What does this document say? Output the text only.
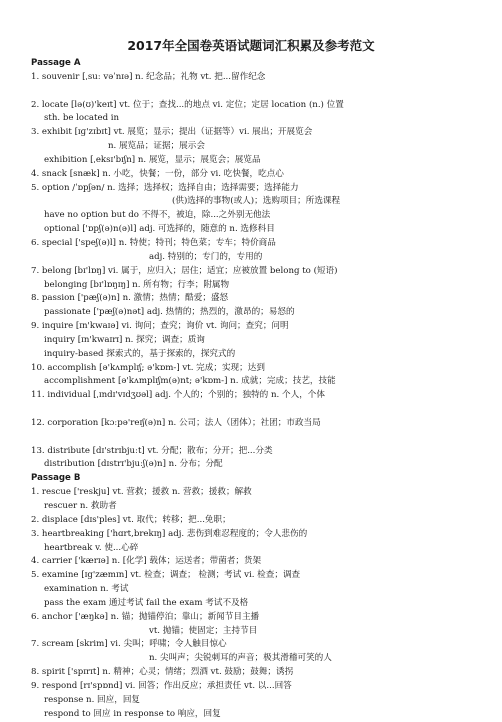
2017年全国卷英语试题词汇积累及参考范文
Passage A
1. souvenir [ˌsuː vəˈnɪə] n. 纪念品；礼物 vt. 把...留作纪念
2. locate [lə(ʊ)'keɪt] vt. 位于；查找...的地点 vi. 定位；定居 location (n.) 位置
sth. be located in
3. exhibit [ɪɡ'zɪbɪt] vt. 展览；显示；提出（证据等）vi. 展出；开展览会
n. 展览品；证据；展示会
exhibition [ˌeksɪ'bɪʃn] n. 展览，显示；展览会；展览品
4. snack [snæk] n. 小吃，快餐；一份，部分 vi. 吃快餐，吃点心
5. option /ˈɒpʃən/ n. 选择；选择权；选择自由；选择需要；选择能力
(供)选择的事物(或人)；选购项目；所选课程
have no option but do 不得不，被迫，除...之外别无他法
optional ['ɒpʃ(ə)n(ə)l] adj. 可选择的，随意的 n. 选修科目
6. special ['speʃ(ə)l] n. 特使；特刊；特色菜；专车；特价商品
adj. 特别的；专门的，专用的
7. belong [bɪ'lɒŋ] vi. 属于，应归入；居住；适宜；应被放置 belong to (短语)
belonging [bɪ'lɒŋɪŋ] n. 所有物；行李；附属物
8. passion ['pæʃ(ə)n] n. 激情；热情；酷爱；盛怒
passionate ['pæʃ(ə)nət] adj. 热情的；热烈的，激昂的；易怒的
9. inquire [ɪn'kwaɪə] vi. 询问；查究；询价 vt. 询问；查究；问明
inquiry [ɪn'kwaɪrɪ] n. 探究；调查；质询
inquiry-based 探索式的，基于探索的，探究式的
10. accomplish [ə'kʌmplɪʃ; ə'kɒm-] vt. 完成；实现；达到
accomplishment [ə'kʌmplɪʃm(ə)nt; ə'kɒm-] n. 成就；完成；技艺，技能
11. individual [ˌɪndɪ'vɪdʒʊəl] adj. 个人的；个别的；独特的 n. 个人，个体
12. corporation [kɔːpə'reɪʃ(ə)n] n. 公司；法人（团体）；社团；市政当局
13. distribute [dɪ'strɪbjuːt] vt. 分配；散布；分开；把...分类
distribution [dɪstrɪ'bjuːʃ(ə)n] n. 分布；分配
Passage B
1. rescue ['reskju] vt. 营救；援救 n. 营救；援救；解救
rescuer n. 救助者
2. displace [dɪs'ples] vt. 取代；转移；把...免职；
3. heartbreaking ['hɑrt,brekɪŋ] adj. 悲伤到难忍程度的；令人悲伤的
heartbreak v. 使...心碎
4. carrier ['kærɪə] n. [化学] 载体；运送者；带菌者；货架
5. examine [ɪg'zæmɪn] vt. 检查；调查； 检测；考试 vi. 检查；调查
examination n. 考试
pass the exam 通过考试 fail the exam 考试不及格
6. anchor ['æŋkə] n. 锚；抛锚停泊；靠山；新闻节目主播
vt. 抛锚；使固定；主持节目
7. scream [skrim] vi. 尖叫；呼啸；令人触目惊心
n. 尖叫声；尖锐刺耳的声音；极其滑稽可笑的人
8. spirit ['spɪrɪt] n. 精神；心灵；情绪；烈酒 vt. 鼓励；鼓舞；诱拐
9. respond [rɪ'spɒnd] vi. 回答；作出反应；承担责任 vt. 以...回答
response n. 回应，回复
respond to 回应 in response to 响应，回复
